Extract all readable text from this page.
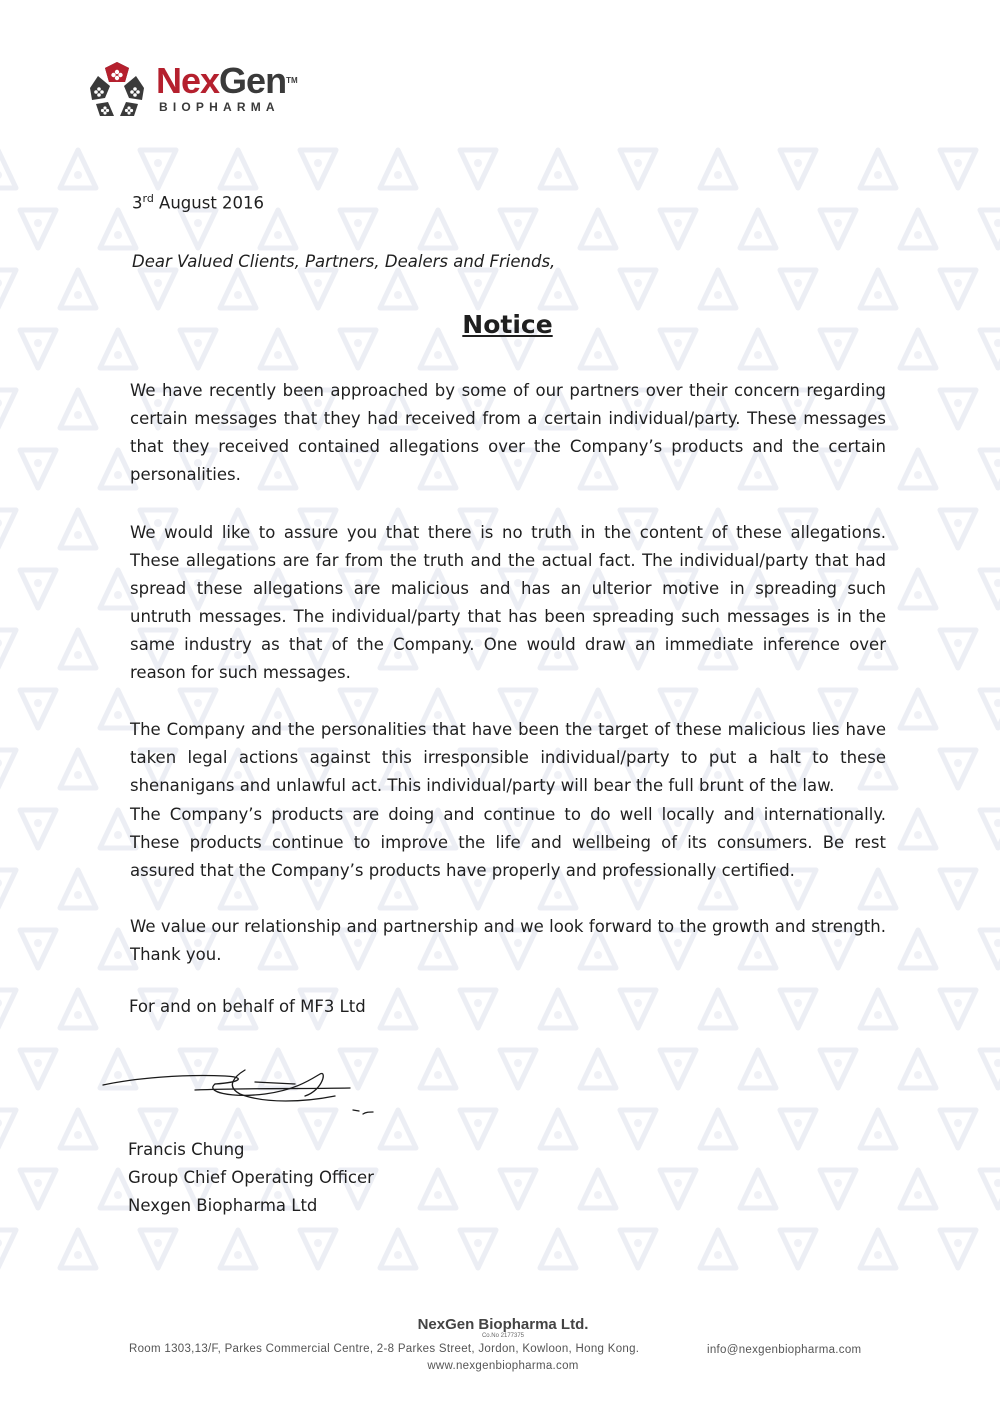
NexGen™
BIOPHARMA
3rd August 2016
Dear Valued Clients, Partners, Dealers and Friends,
Notice
We have recently been approached by some of our partners over their concern regarding certain messages that they had received from a certain individual/party. These messages that they received contained allegations over the Company’s products and the certain personalities.
We would like to assure you that there is no truth in the content of these allegations. These allegations are far from the truth and the actual fact. The individual/party that had spread these allegations are malicious and has an ulterior motive in spreading such untruth messages. The individual/party that has been spreading such messages is in the same industry as that of the Company. One would draw an immediate inference over reason for such messages.
The Company and the personalities that have been the target of these malicious lies have taken legal actions against this irresponsible individual/party to put a halt to these shenanigans and unlawful act. This individual/party will bear the full brunt of the law.
The Company’s products are doing and continue to do well locally and internationally. These products continue to improve the life and wellbeing of its consumers. Be rest assured that the Company’s products have properly and professionally certified.
We value our relationship and partnership and we look forward to the growth and strength. Thank you.
For and on behalf of MF3 Ltd
Francis Chung
Group Chief Operating Officer
Nexgen Biopharma Ltd
NexGen Biopharma Ltd.
Co.No 2177375
Room 1303,13/F, Parkes Commercial Centre, 2-8 Parkes Street, Jordon, Kowloon, Hong Kong.	info@nexgenbiopharma.com
www.nexgenbiopharma.com
